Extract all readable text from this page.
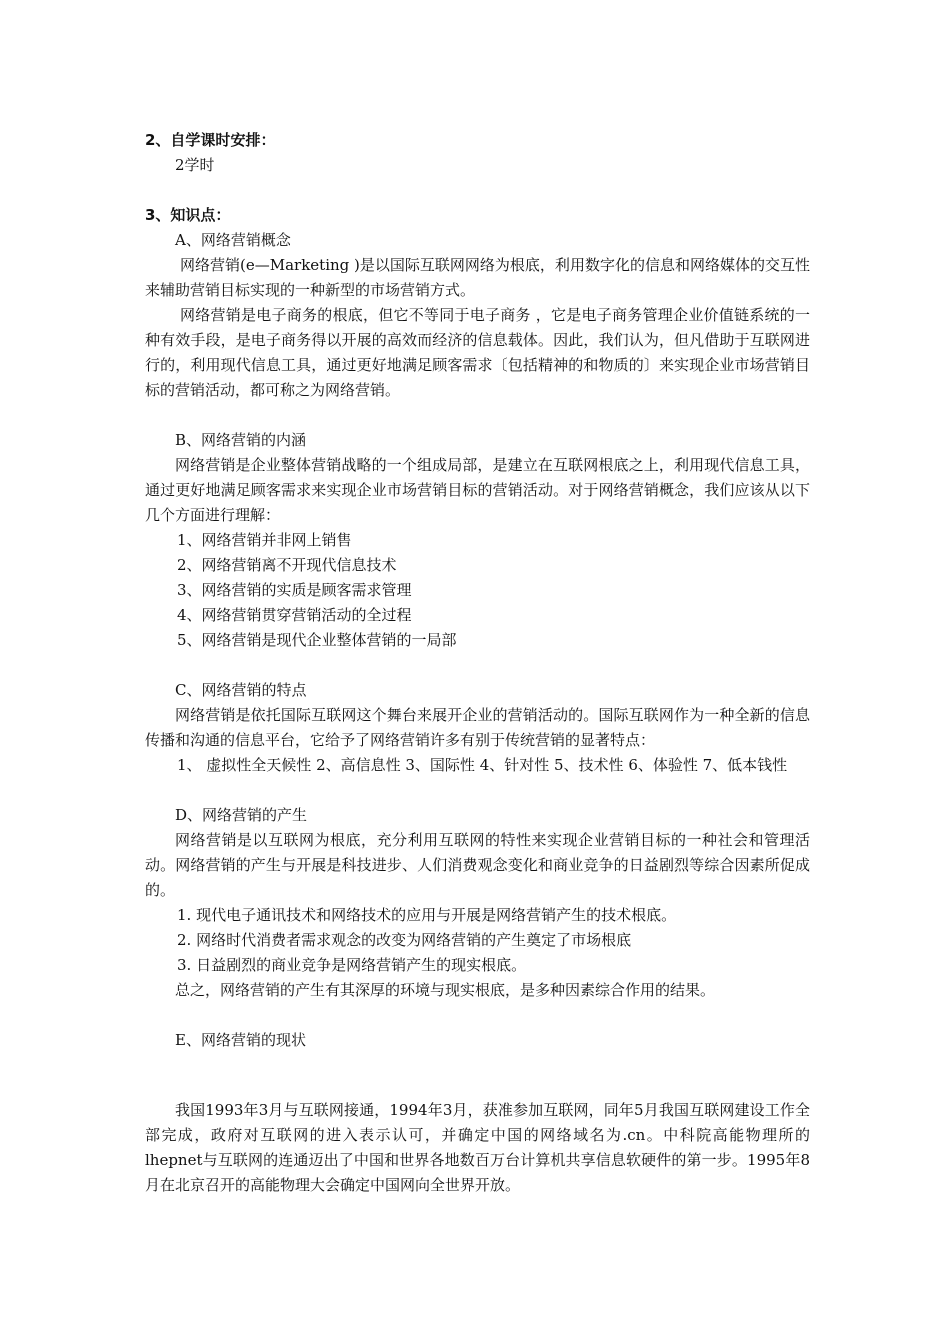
2、自学课时安排：
2学时
3、知识点：
A、网络营销概念
网络营销(e—Marketing )是以国际互联网网络为根底，利用数字化的信息和网络媒体的交互性来辅助营销目标实现的一种新型的市场营销方式。
网络营销是电子商务的根底，但它不等同于电子商务 ，它是电子商务管理企业价值链系统的一种有效手段，是电子商务得以开展的高效而经济的信息载体。因此，我们认为，但凡借助于互联网进行的，利用现代信息工具，通过更好地满足顾客需求〔包括精神的和物质的〕来实现企业市场营销目标的营销活动，都可称之为网络营销。
B、网络营销的内涵
网络营销是企业整体营销战略的一个组成局部，是建立在互联网根底之上，利用现代信息工具，通过更好地满足顾客需求来实现企业市场营销目标的营销活动。对于网络营销概念，我们应该从以下几个方面进行理解：
1、网络营销并非网上销售
2、网络营销离不开现代信息技术
3、网络营销的实质是顾客需求管理
4、网络营销贯穿营销活动的全过程
5、网络营销是现代企业整体营销的一局部
C、网络营销的特点
网络营销是依托国际互联网这个舞台来展开企业的营销活动的。国际互联网作为一种全新的信息传播和沟通的信息平台，它给予了网络营销许多有别于传统营销的显著特点：
1、 虚拟性全天候性 2、高信息性 3、国际性 4、针对性 5、技术性 6、体验性 7、低本钱性
D、网络营销的产生
网络营销是以互联网为根底，充分利用互联网的特性来实现企业营销目标的一种社会和管理活动。网络营销的产生与开展是科技进步、人们消费观念变化和商业竞争的日益剧烈等综合因素所促成的。
1. 现代电子通讯技术和网络技术的应用与开展是网络营销产生的技术根底。
2. 网络时代消费者需求观念的改变为网络营销的产生奠定了市场根底
3. 日益剧烈的商业竞争是网络营销产生的现实根底。
总之，网络营销的产生有其深厚的环境与现实根底，是多种因素综合作用的结果。
E、网络营销的现状
我国1993年3月与互联网接通，1994年3月，获准参加互联网，同年5月我国互联网建设工作全部完成，政府对互联网的进入表示认可，并确定中国的网络域名为.cn。中科院高能物理所的lhepnet与互联网的连通迈出了中国和世界各地数百万台计算机共享信息软硬件的第一步。1995年8月在北京召开的高能物理大会确定中国网向全世界开放。
